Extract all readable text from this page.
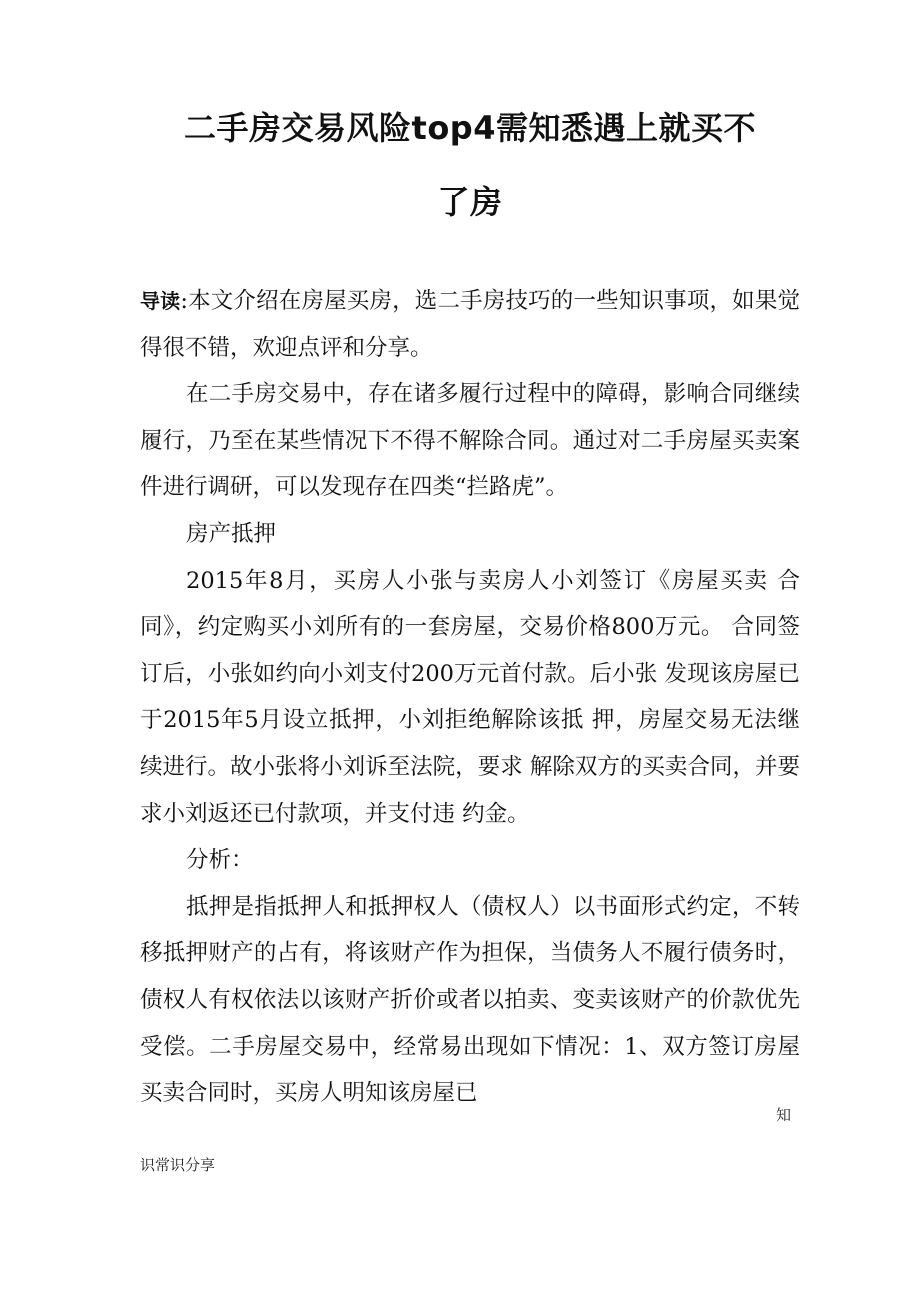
二手房交易风险top4需知悉遇上就买不
了房

导读:本文介绍在房屋买房，选二手房技巧的一些知识事项，如果觉得很不错，欢迎点评和分享。

在二手房交易中，存在诸多履行过程中的障碍，影响合同继续履行，乃至在某些情况下不得不解除合同。通过对二手房屋买卖案件进行调研，可以发现存在四类“拦路虎”。

房产抵押

2015年8月，买房人小张与卖房人小刘签订《房屋买卖 合同》，约定购买小刘所有的一套房屋，交易价格800万元。 合同签订后，小张如约向小刘支付200万元首付款。后小张 发现该房屋已于2015年5月设立抵押，小刘拒绝解除该抵 押，房屋交易无法继续进行。故小张将小刘诉至法院，要求 解除双方的买卖合同，并要求小刘返还已付款项，并支付违 约金。

分析：

抵押是指抵押人和抵押权人（债权人）以书面形式约定，不转移抵押财产的占有，将该财产作为担保，当债务人不履行债务时，债权人有权依法以该财产折价或者以拍卖、变卖该财产的价款优先受偿。二手房屋交易中，经常易出现如下情况：1、双方签订房屋买卖合同时，买房人明知该房屋已

知
识常识分享
